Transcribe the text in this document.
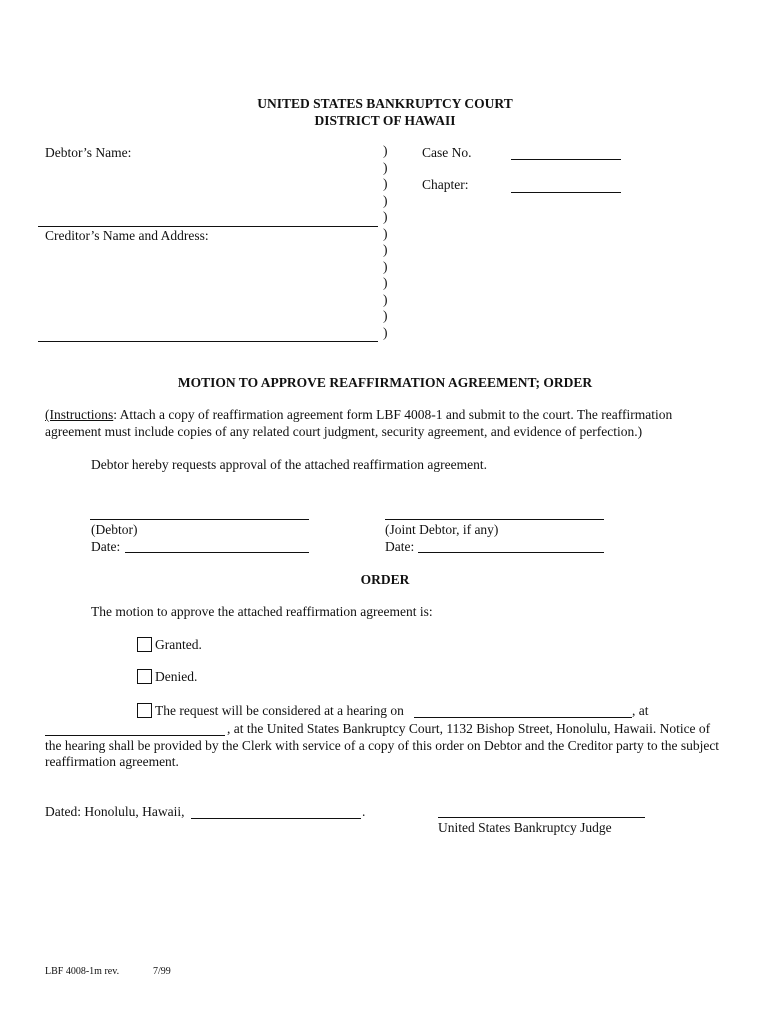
UNITED STATES BANKRUPTCY COURT
DISTRICT OF HAWAII
Debtor’s Name:
Creditor’s Name and Address:
)
)
)
)
)
)
)
)
)
)
)
)
Case No.
Chapter:
MOTION TO APPROVE REAFFIRMATION AGREEMENT; ORDER
(Instructions: Attach a copy of reaffirmation agreement form LBF 4008-1 and submit to the court. The reaffirmation agreement must include copies of any related court judgment, security agreement, and evidence of perfection.)
Debtor hereby requests approval of the attached reaffirmation agreement.
(Debtor)
Date:
(Joint Debtor, if any)
Date:
ORDER
The motion to approve the attached reaffirmation agreement is:
Granted.
Denied.
The request will be considered at a hearing on	, at
, at the United States Bankruptcy Court, 1132 Bishop Street, Honolulu, Hawaii. Notice of the hearing shall be provided by the Clerk with service of a copy of this order on Debtor and the Creditor party to the subject reaffirmation agreement.
Dated: Honolulu, Hawaii,	.
United States Bankruptcy Judge
LBF 4008-1m rev.	7/99
